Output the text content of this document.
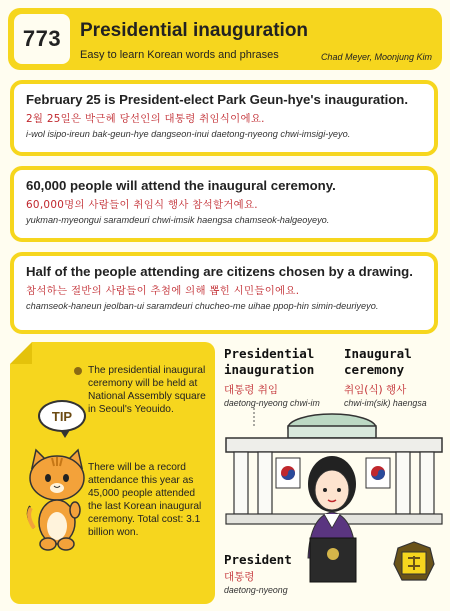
773 Presidential inauguration
Easy to learn Korean words and phrases	Chad Meyer, Moonjung Kim
February 25 is President-elect Park Geun-hye's inauguration.
2월 25일은 박근혜 당선인의 대통령 취임식이에요.
i-wol isipo-ireun bak-geun-hye dangseon-inui daetong-nyeong chwi-imsigi-yeyo.
60,000 people will attend the inaugural ceremony.
60,000명의 사람들이 취임식 행사 참석할거예요.
yukman-myeongui saramdeuri chwi-imsik haengsa chamseok-halgeoyeyo.
Half of the people attending are citizens chosen by a drawing.
참석하는 절반의 사람들이 추첨에 의해 뽑힌 시민들이에요.
chamseok-haneun jeolban-ui saramdeuri chucheo-me uihae ppop-hin simin-deuriyeyo.
The presidential inaugural ceremony will be held at National Assembly square in Seoul's Yeouido.
There will be a record attendance this year as 45,000 people attended the last Korean inaugural ceremony. Total cost: 3.1 billion won.
TIP
Presidential inauguration
대통령 취임
daetong-nyeong chwi-im
Inaugural ceremony
취임(식) 행사
chwi-im(sik) haengsa
President
대통령
daetong-nyeong
